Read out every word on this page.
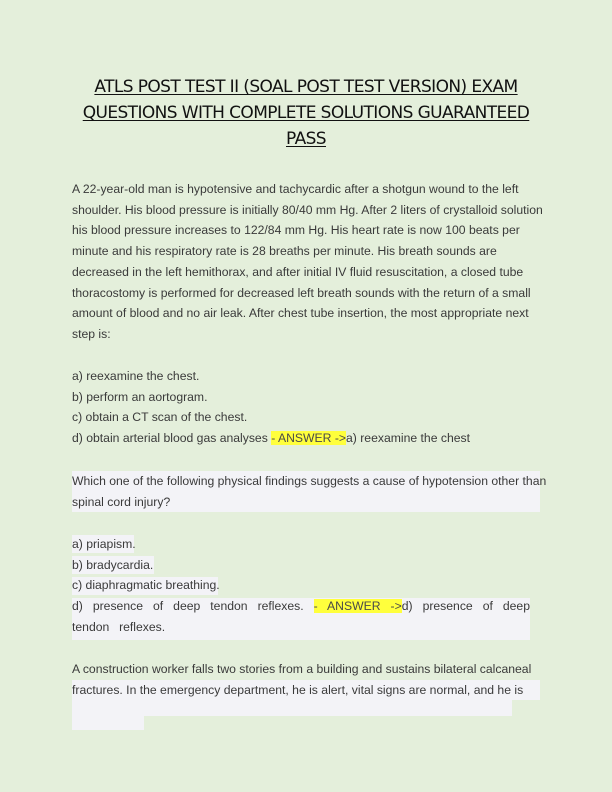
ATLS POST TEST II (SOAL POST TEST VERSION) EXAM
QUESTIONS WITH COMPLETE SOLUTIONS GUARANTEED
PASS

A 22-year-old man is hypotensive and tachycardic after a shotgun wound to the left
shoulder. His blood pressure is initially 80/40 mm Hg. After 2 liters of crystalloid solution
his blood pressure increases to 122/84 mm Hg. His heart rate is now 100 beats per
minute and his respiratory rate is 28 breaths per minute. His breath sounds are
decreased in the left hemithorax, and after initial IV fluid resuscitation, a closed tube
thoracostomy is performed for decreased left breath sounds with the return of a small
amount of blood and no air leak. After chest tube insertion, the most appropriate next
step is:

a) reexamine the chest.
b) perform an aortogram.
c) obtain a CT scan of the chest.
d) obtain arterial blood gas analyses - ANSWER ->a) reexamine the chest

Which one of the following physical findings suggests a cause of hypotension other than
spinal cord injury?

a) priapism.
b) bradycardia.
c) diaphragmatic breathing.
d) presence of deep tendon reflexes. - ANSWER ->d) presence of deep tendon reflexes.

A construction worker falls two stories from a building and sustains bilateral calcaneal
fractures. In the emergency department, he is alert, vital signs are normal, and he is
